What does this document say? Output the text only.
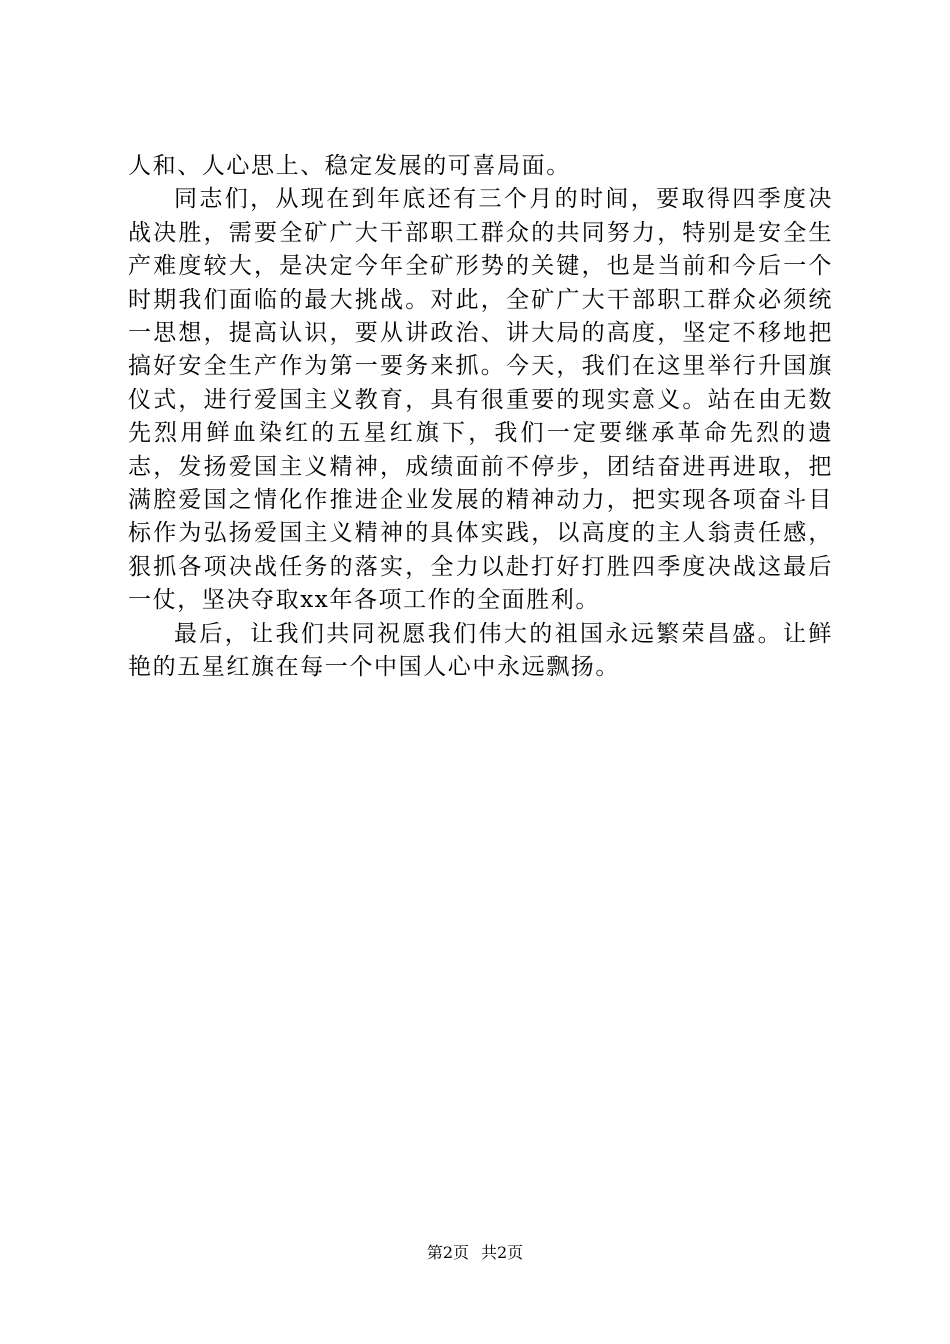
人和、人心思上、稳定发展的可喜局面。

同志们，从现在到年底还有三个月的时间，要取得四季度决战决胜，需要全矿广大干部职工群众的共同努力，特别是安全生产难度较大，是决定今年全矿形势的关键，也是当前和今后一个时期我们面临的最大挑战。对此，全矿广大干部职工群众必须统一思想，提高认识，要从讲政治、讲大局的高度，坚定不移地把搞好安全生产作为第一要务来抓。今天，我们在这里举行升国旗仪式，进行爱国主义教育，具有很重要的现实意义。站在由无数先烈用鲜血染红的五星红旗下，我们一定要继承革命先烈的遗志，发扬爱国主义精神，成绩面前不停步，团结奋进再进取，把满腔爱国之情化作推进企业发展的精神动力，把实现各项奋斗目标作为弘扬爱国主义精神的具体实践，以高度的主人翁责任感，狠抓各项决战任务的落实，全力以赴打好打胜四季度决战这最后一仗，坚决夺取xx年各项工作的全面胜利。

最后，让我们共同祝愿我们伟大的祖国永远繁荣昌盛。让鲜艳的五星红旗在每一个中国人心中永远飘扬。

第2页 共2页
